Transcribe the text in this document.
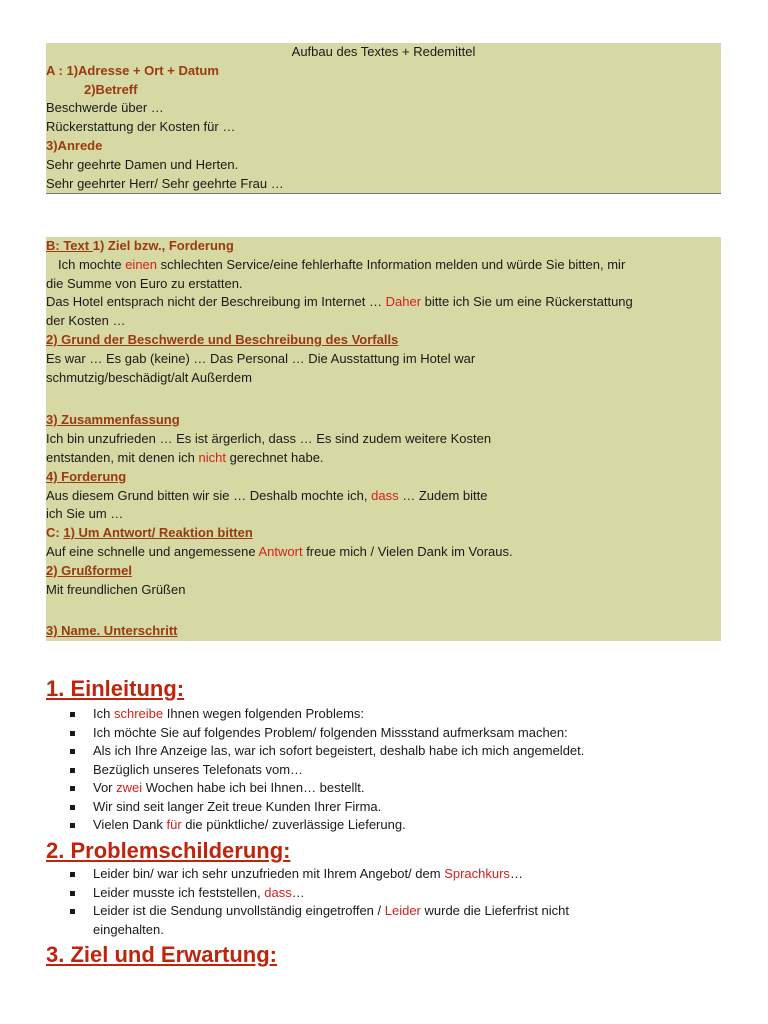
Aufbau des Textes + Redemittel
A : 1)Adresse + Ort + Datum
2)Betreff
Beschwerde über …
Rückerstattung der Kosten für …
3)Anrede
Sehr geehrte Damen und Herten.
Sehr geehrter Herr/ Sehr geehrte Frau …
B: Text 1) Ziel bzw., Forderung
Ich mochte einen schlechten Service/eine fehlerhafte Information melden und würde Sie bitten, mir
die Summe von Euro zu erstatten.
Das Hotel entsprach nicht der Beschreibung im Internet … Daher bitte ich Sie um eine Rückerstattung
der Kosten …
2) Grund der Beschwerde und Beschreibung des Vorfalls
Es war … Es gab (keine) … Das Personal … Die Ausstattung im Hotel war
schmutzig/beschädigt/alt Außerdem
3) Zusammenfassung
Ich bin unzufrieden … Es ist ärgerlich, dass … Es sind zudem weitere Kosten
entstanden, mit denen ich nicht gerechnet habe.
4) Forderung
Aus diesem Grund bitten wir sie … Deshalb mochte ich, dass … Zudem bitte
ich Sie um …
C: 1) Um Antwort/ Reaktion bitten
Auf eine schnelle und angemessene Antwort freue mich / Vielen Dank im Voraus.
2) Grußformel
Mit freundlichen Grüßen
3) Name. Unterschritt
1. Einleitung:
Ich schreibe Ihnen wegen folgenden Problems:
Ich möchte Sie auf folgendes Problem/ folgenden Missstand aufmerksam machen:
Als ich Ihre Anzeige las, war ich sofort begeistert, deshalb habe ich mich angemeldet.
Bezüglich unseres Telefonats vom…
Vor zwei Wochen habe ich bei Ihnen… bestellt.
Wir sind seit langer Zeit treue Kunden Ihrer Firma.
Vielen Dank für die pünktliche/ zuverlässige Lieferung.
2. Problemschilderung:
Leider bin/ war ich sehr unzufrieden mit Ihrem Angebot/ dem Sprachkurs…
Leider musste ich feststellen, dass…
Leider ist die Sendung unvollständig eingetroffen / Leider wurde die Lieferfrist nicht
eingehalten.
3. Ziel und Erwartung:
